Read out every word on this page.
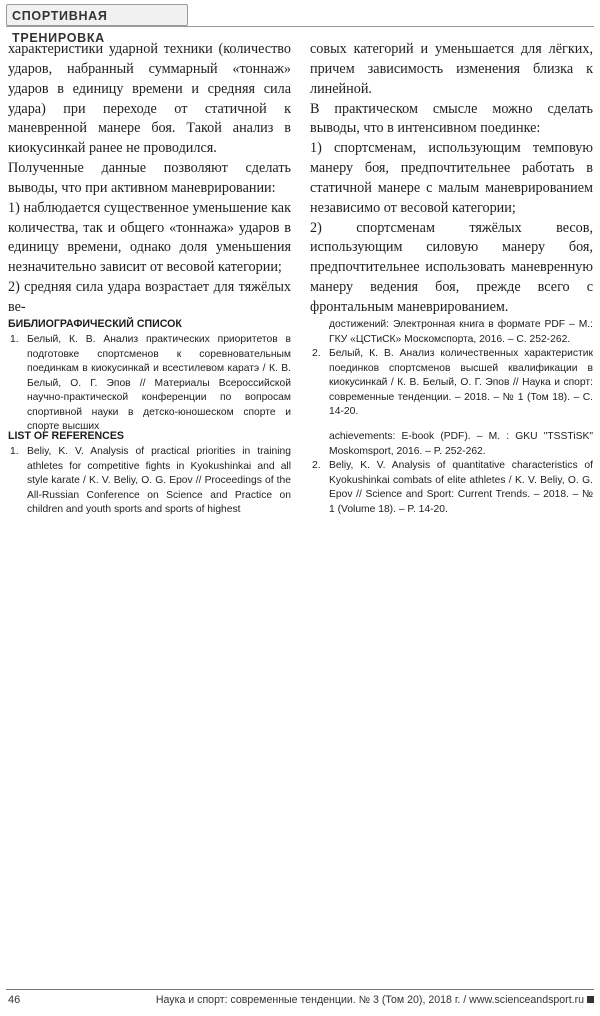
СПОРТИВНАЯ ТРЕНИРОВКА

характеристики ударной техники (количество ударов, набранный суммарный «тоннаж» ударов в единицу времени и средняя сила удара) при переходе от статичной к маневренной манере боя. Такой анализ в киокусинкай ранее не проводился.

Полученные данные позволяют сделать выводы, что при активном маневрировании:

1) наблюдается существенное уменьшение как количества, так и общего «тоннажа» ударов в единицу времени, однако доля уменьшения незначительно зависит от весовой категории;

2) средняя сила удара возрастает для тяжёлых ве-

совых категорий и уменьшается для лёгких, причем зависимость изменения близка к линейной.

В практическом смысле можно сделать выводы, что в интенсивном поединке:

1) спортсменам, использующим темповую манеру боя, предпочтительнее работать в статичной манере с малым маневрированием независимо от весовой категории;

2) спортсменам тяжёлых весов, использующим силовую манеру боя, предпочтительнее использовать маневренную манеру ведения боя, прежде всего с фронтальным маневрированием.

БИБЛИОГРАФИЧЕСКИЙ СПИСОК
1. Белый, К. В. Анализ практических приоритетов в подготовке спортсменов к соревновательным поединкам в киокусинкай и всестилевом каратэ / К. В. Белый, О. Г. Эпов // Материалы Всероссийской научно-практической конференции по вопросам спортивной науки в детско-юношеском спорте и спорте высших
достижений: Электронная книга в формате PDF – М.: ГКУ «ЦСТиСК» Москомспорта, 2016. – С. 252-262.
2. Белый, К. В. Анализ количественных характеристик поединков спортсменов высшей квалификации в киокусинкай / К. В. Белый, О. Г. Эпов // Наука и спорт: современные тенденции. – 2018. – № 1 (Том 18). – С. 14-20.
LIST OF REFERENCES
1. Beliy, K. V. Analysis of practical priorities in training athletes for competitive fights in Kyokushinkai and all style karate / K. V. Beliy, O. G. Epov // Proceedings of the All-Russian Conference on Science and Practice on children and youth sports and sports of highest
achievements: E-book (PDF). – M. : GKU "TSSTiSK" Moskomsport, 2016. – P. 252-262.
2. Beliy, K. V. Analysis of quantitative characteristics of Kyokushinkai combats of elite athletes / K. V. Beliy, O. G. Epov // Science and Sport: Current Trends. – 2018. – № 1 (Volume 18). – P. 14-20.
46	Наука и спорт: современные тенденции. № 3 (Том 20), 2018 г. / www.scienceandsport.ru
